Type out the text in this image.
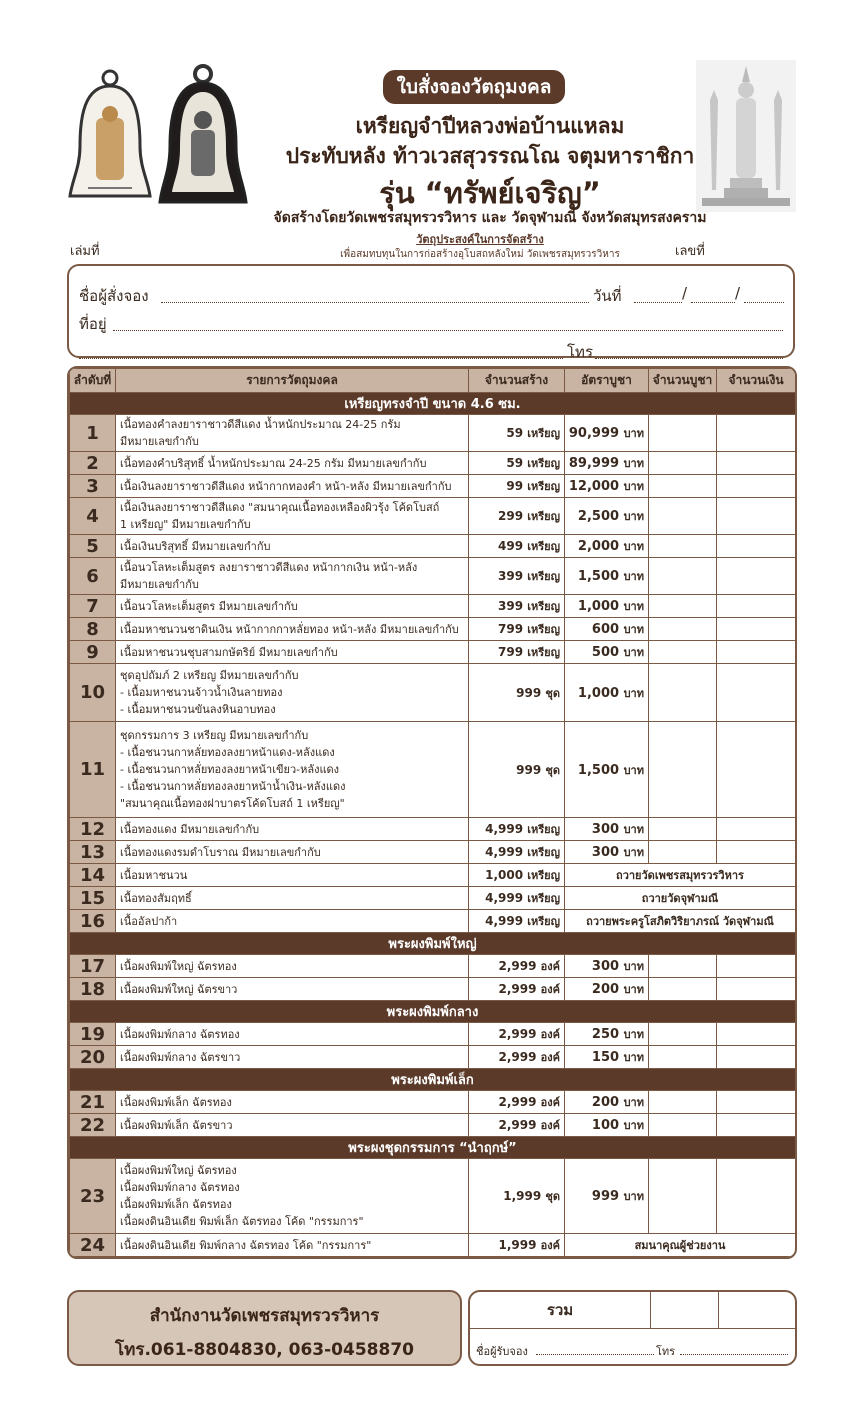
ใบสั่งจองวัตถุมงคล
เหรียญจำปีหลวงพ่อบ้านแหลม
ประทับหลัง ท้าวเวสสุวรรณโณ จตุมหาราชิกา
รุ่น “ทรัพย์เจริญ”
จัดสร้างโดยวัดเพชรสมุทรวรวิหาร และ วัดจุฬามณี จังหวัดสมุทรสงคราม
วัตถุประสงค์ในการจัดสร้าง
เพื่อสมทบทุนในการก่อสร้างอุโบสถหลังใหม่ วัดเพชรสมุทรวรวิหาร
เล่มที่	เลขที่
ชื่อผู้สั่งจอง	วันที่	/	/
ที่อยู่
โทร
ลำดับที่	รายการวัตถุมงคล	จำนวนสร้าง	อัตราบูชา	จำนวนบูชา	จำนวนเงิน
เหรียญทรงจำปี ขนาด 4.6 ซม.					
1	เนื้อทองคำลงยาราชาวดีสีแดง น้ำหนักประมาณ 24-25 กรัม
มีหมายเลขกำกับ	59 เหรียญ	90,999 บาท		
2	เนื้อทองคำบริสุทธิ์ น้ำหนักประมาณ 24-25 กรัม มีหมายเลขกำกับ	59 เหรียญ	89,999 บาท		
3	เนื้อเงินลงยาราชาวดีสีแดง หน้ากากทองคำ หน้า-หลัง มีหมายเลขกำกับ	99 เหรียญ	12,000 บาท		
4	เนื้อเงินลงยาราชาวดีสีแดง "สมนาคุณเนื้อทองเหลืองผิวรุ้ง โค้ดโบสถ์
1 เหรียญ" มีหมายเลขกำกับ	299 เหรียญ	2,500 บาท		
5	เนื้อเงินบริสุทธิ์ มีหมายเลขกำกับ	499 เหรียญ	2,000 บาท		
6	เนื้อนวโลหะเต็มสูตร ลงยาราชาวดีสีแดง หน้ากากเงิน หน้า-หลัง
มีหมายเลขกำกับ	399 เหรียญ	1,500 บาท		
7	เนื้อนวโลหะเต็มสูตร มีหมายเลขกำกับ	399 เหรียญ	1,000 บาท		
8	เนื้อมหาชนวนชาดินเงิน หน้ากากกาหลั่ยทอง หน้า-หลัง มีหมายเลขกำกับ	799 เหรียญ	600 บาท		
9	เนื้อมหาชนวนชุบสามกษัตริย์ มีหมายเลขกำกับ	799 เหรียญ	500 บาท		
10	ชุดอุปถัมภ์ 2 เหรียญ มีหมายเลขกำกับ
- เนื้อมหาชนวนจ้าวน้ำเงินลายทอง
- เนื้อมหาชนวนขันลงหินอาบทอง	999 ชุด	1,000 บาท		
11	ชุดกรรมการ 3 เหรียญ มีหมายเลขกำกับ
- เนื้อชนวนกาหลั่ยทองลงยาหน้าแดง-หลังแดง
- เนื้อชนวนกาหลั่ยทองลงยาหน้าเขียว-หลังแดง
- เนื้อชนวนกาหลั่ยทองลงยาหน้าน้ำเงิน-หลังแดง
"สมนาคุณเนื้อทองฝาบาตรโค้ดโบสถ์ 1 เหรียญ"	999 ชุด	1,500 บาท		
12	เนื้อทองแดง มีหมายเลขกำกับ	4,999 เหรียญ	300 บาท		
13	เนื้อทองแดงรมดำโบราณ มีหมายเลขกำกับ	4,999 เหรียญ	300 บาท		
14	เนื้อมหาชนวน	1,000 เหรียญ	ถวายวัดเพชรสมุทรวรวิหาร		
15	เนื้อทองสัมฤทธิ์	4,999 เหรียญ	ถวายวัดจุฬามณี		
16	เนื้ออัลปาก้า	4,999 เหรียญ	ถวายพระครูโสภิตวิริยาภรณ์ วัดจุฬามณี		
พระผงพิมพ์ใหญ่					
17	เนื้อผงพิมพ์ใหญ่ ฉัตรทอง	2,999 องค์	300 บาท		
18	เนื้อผงพิมพ์ใหญ่ ฉัตรขาว	2,999 องค์	200 บาท		
พระผงพิมพ์กลาง					
19	เนื้อผงพิมพ์กลาง ฉัตรทอง	2,999 องค์	250 บาท		
20	เนื้อผงพิมพ์กลาง ฉัตรขาว	2,999 องค์	150 บาท		
พระผงพิมพ์เล็ก					
21	เนื้อผงพิมพ์เล็ก ฉัตรทอง	2,999 องค์	200 บาท		
22	เนื้อผงพิมพ์เล็ก ฉัตรขาว	2,999 องค์	100 บาท		
พระผงชุดกรรมการ “นำฤกษ์”					
23	เนื้อผงพิมพ์ใหญ่ ฉัตรทอง
เนื้อผงพิมพ์กลาง ฉัตรทอง
เนื้อผงพิมพ์เล็ก ฉัตรทอง
เนื้อผงดินอินเดีย พิมพ์เล็ก ฉัตรทอง โค้ด "กรรมการ"	1,999 ชุด	999 บาท		
24	เนื้อผงดินอินเดีย พิมพ์กลาง ฉัตรทอง โค้ด "กรรมการ"	1,999 องค์	สมนาคุณผู้ช่วยงาน		
สำนักงานวัดเพชรสมุทรวรวิหาร
โทร.061-8804830, 063-0458870
รวม
ชื่อผู้รับจอง	โทร
